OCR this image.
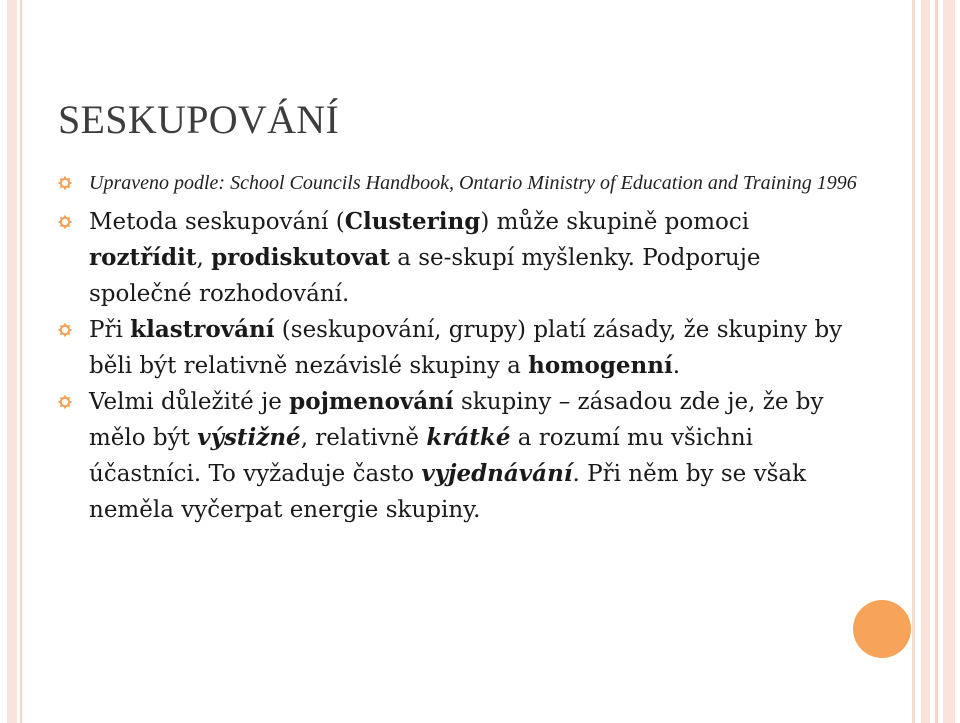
SESKUPOVÁNÍ
Upraveno podle: School Councils Handbook, Ontario Ministry of Education and Training 1996
Metoda seskupování (Clustering) může skupině pomoci roztřídit, prodiskutovat a se-skupí myšlenky. Podporuje společné rozhodování.
Při klastrování (seskupování, grupy) platí zásady, že skupiny by běli být relativně nezávislé skupiny a homogenní.
Velmi důležité je pojmenování skupiny – zásadou zde je, že by mělo být výstižné, relativně krátké a rozumí mu všichni účastníci. To vyžaduje často vyjednávání. Při něm by se však neměla vyčerpat energie skupiny.
